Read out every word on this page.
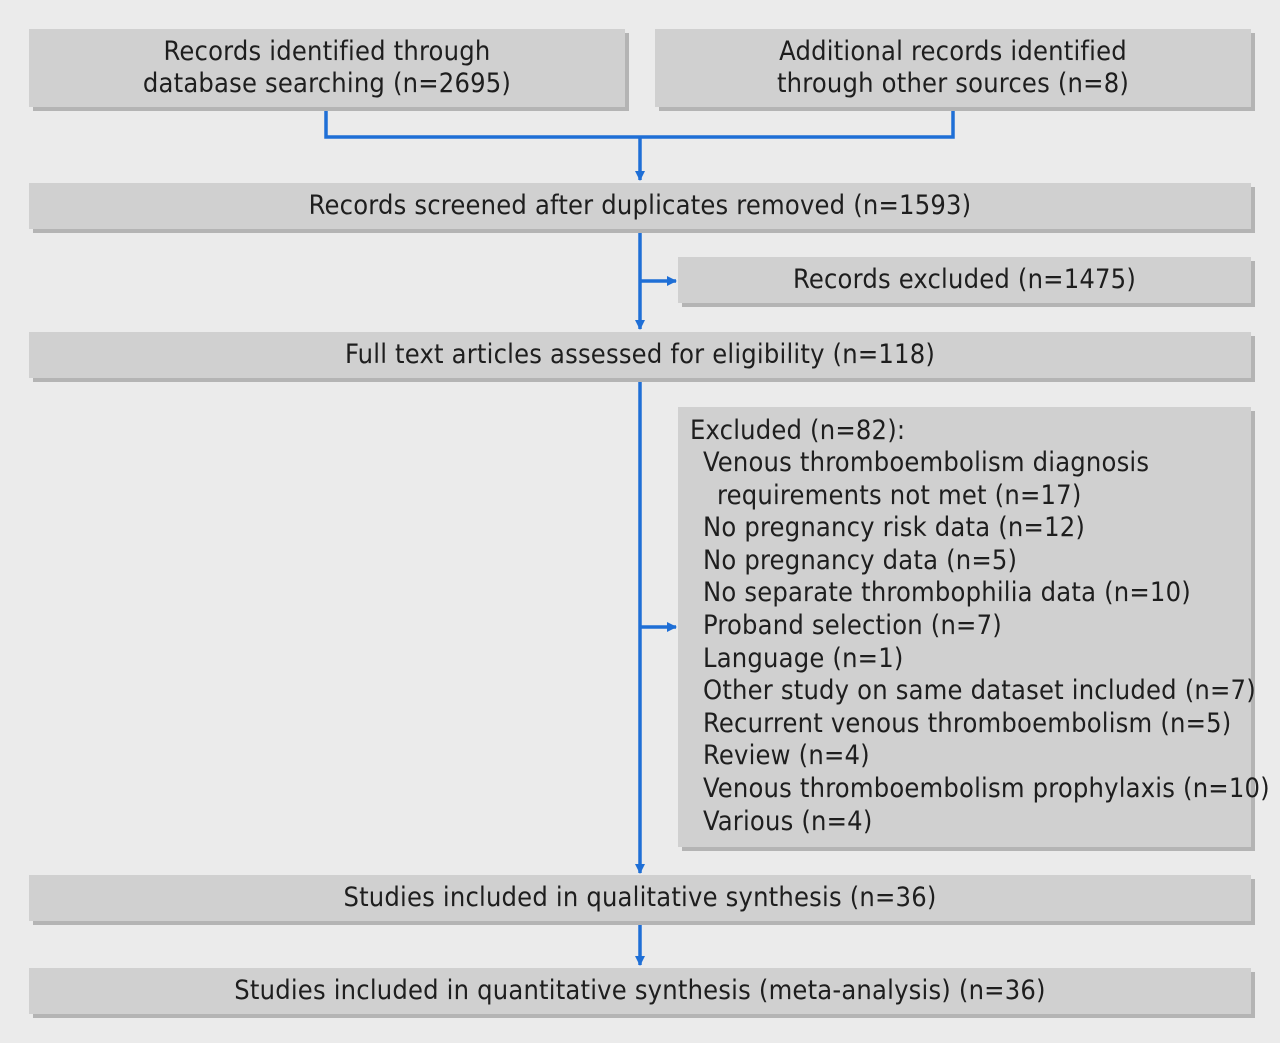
Records identified through
database searching (n=2695)
Additional records identified
through other sources (n=8)
Records screened after duplicates removed (n=1593)
Records excluded (n=1475)
Full text articles assessed for eligibility (n=118)
Excluded (n=82):
Venous thromboembolism diagnosis
requirements not met (n=17)
No pregnancy risk data (n=12)
No pregnancy data (n=5)
No separate thrombophilia data (n=10)
Proband selection (n=7)
Language (n=1)
Other study on same dataset included (n=7)
Recurrent venous thromboembolism (n=5)
Review (n=4)
Venous thromboembolism prophylaxis (n=10)
Various (n=4)
Studies included in qualitative synthesis (n=36)
Studies included in quantitative synthesis (meta-analysis) (n=36)
